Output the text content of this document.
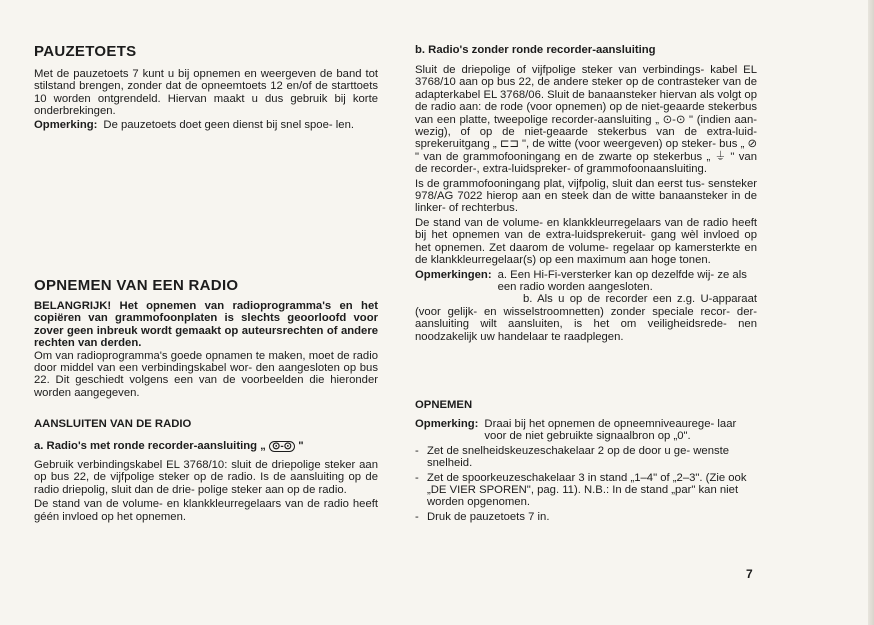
PAUZETOETS

Met de pauzetoets 7 kunt u bij opnemen en weergeven de band tot stilstand brengen, zonder dat de opneemtoets 12 en/of de starttoets 10 worden ontgrendeld. Hiervan maakt u dus gebruik bij korte onderbrekingen.

Opmerking: De pauzetoets doet geen dienst bij snel spoe- len.

OPNEMEN VAN EEN RADIO

BELANGRIJK! Het opnemen van radioprogramma's en het copiëren van grammofoonplaten is slechts geoorloofd voor zover geen inbreuk wordt gemaakt op auteursrechten of andere rechten van derden.

Om van radioprogramma's goede opnamen te maken, moet de radio door middel van een verbindingskabel wor- den aangesloten op bus 22. Dit geschiedt volgens een van de voorbeelden die hieronder worden aangegeven.

AANSLUITEN VAN DE RADIO
a. Radio's met ronde recorder-aansluiting „ ⊙-⊙ "

Gebruik verbindingskabel EL 3768/10: sluit de driepolige steker aan op bus 22, de vijfpolige steker op de radio. Is de aansluiting op de radio driepolig, sluit dan de drie- polige steker aan op de radio.

De stand van de volume- en klankkleurregelaars van de radio heeft géén invloed op het opnemen.

b. Radio's zonder ronde recorder-aansluiting

Sluit de driepolige of vijfpolige steker van verbindings- kabel EL 3768/10 aan op bus 22, de andere steker op de contrasteker van de adapterkabel EL 3768/06. Sluit de banaansteker hiervan als volgt op de radio aan: de rode (voor opnemen) op de niet-geaarde stekerbus van een platte, tweepolige recorder-aansluiting „ ⊙-⊙ " (indien aan- wezig), of op de niet-geaarde stekerbus van de extra-luid- sprekeruitgang „ ⊏⊐ ", de witte (voor weergeven) op steker- bus „ ⊘ " van de grammofooningang en de zwarte op stekerbus „ ⏚ " van de recorder-, extra-luidspreker- of grammofoonaansluiting.

Is de grammofooningang plat, vijfpolig, sluit dan eerst tus- sensteker 978/AG 7022 hierop aan en steek dan de witte banaansteker in de linker- of rechterbus.

De stand van de volume- en klankkleurregelaars van de radio heeft bij het opnemen van de extra-luidsprekeruit- gang wèl invloed op het opnemen. Zet daarom de volume- regelaar op kamersterkte en de klankkleurregelaar(s) op een maximum aan hoge tonen.

Opmerkingen: a. Een Hi-Fi-versterker kan op dezelfde wij- ze als een radio worden aangesloten.

b. Als u op de recorder een z.g. U-apparaat (voor gelijk- en wisselstroomnetten) zonder speciale recor- der-aansluiting wilt aansluiten, is het om veiligheidsrede- nen noodzakelijk uw handelaar te raadplegen.

OPNEMEN

Opmerking: Draai bij het opnemen de opneemniveaurege- laar voor de niet gebruikte signaalbron op „0".

- Zet de snelheidskeuzeschakelaar 2 op de door u ge- wenste snelheid.

- Zet de spoorkeuzeschakelaar 3 in stand „1–4" of „2–3". (Zie ook „DE VIER SPOREN", pag. 11). N.B.: In de stand „par" kan niet worden opgenomen.

- Druk de pauzetoets 7 in.

7
